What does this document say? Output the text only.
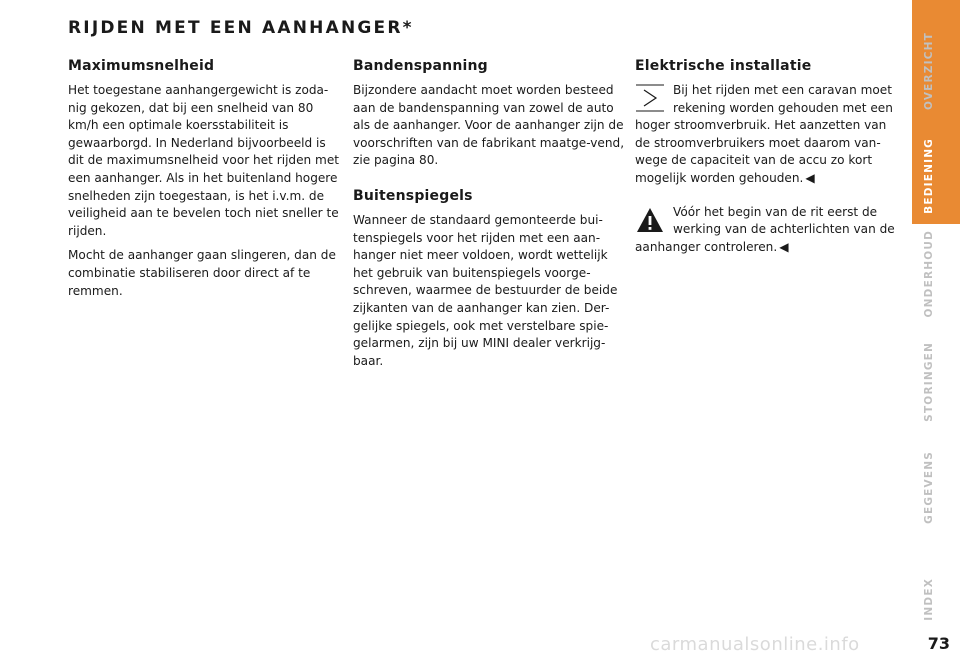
RIJDEN MET EEN AANHANGER*
Maximumsnelheid

Het toegestane aanhangergewicht is zoda-nig gekozen, dat bij een snelheid van 80 km/h een optimale koersstabiliteit is gewaarborgd. In Nederland bijvoorbeeld is dit de maximumsnelheid voor het rijden met een aanhanger. Als in het buitenland hogere snelheden zijn toegestaan, is het i.v.m. de veiligheid aan te bevelen toch niet sneller te rijden.

Mocht de aanhanger gaan slingeren, dan de combinatie stabiliseren door direct af te remmen.

Bandenspanning

Bijzondere aandacht moet worden besteed aan de bandenspanning van zowel de auto als de aanhanger. Voor de aanhanger zijn de voorschriften van de fabrikant maatge-vend, zie pagina 80.

Buitenspiegels

Wanneer de standaard gemonteerde bui-tenspiegels voor het rijden met een aan-hanger niet meer voldoen, wordt wettelijk het gebruik van buitenspiegels voorge-schreven, waarmee de bestuurder de beide zijkanten van de aanhanger kan zien. Der-gelijke spiegels, ook met verstelbare spie-gelarmen, zijn bij uw MINI dealer verkrijg-baar.

Elektrische installatie

Bij het rijden met een caravan moet rekening worden gehouden met een hoger stroomverbruik. Het aanzetten van de stroomverbruikers moet daarom van-wege de capaciteit van de accu zo kort mogelijk worden gehouden. ◀

Vóór het begin van de rit eerst de werking van de achterlichten van de aanhanger controleren. ◀

OVERZICHT
BEDIENING
ONDERHOUD
STORINGEN
GEGEVENS
INDEX
carmanualsonline.info	73
